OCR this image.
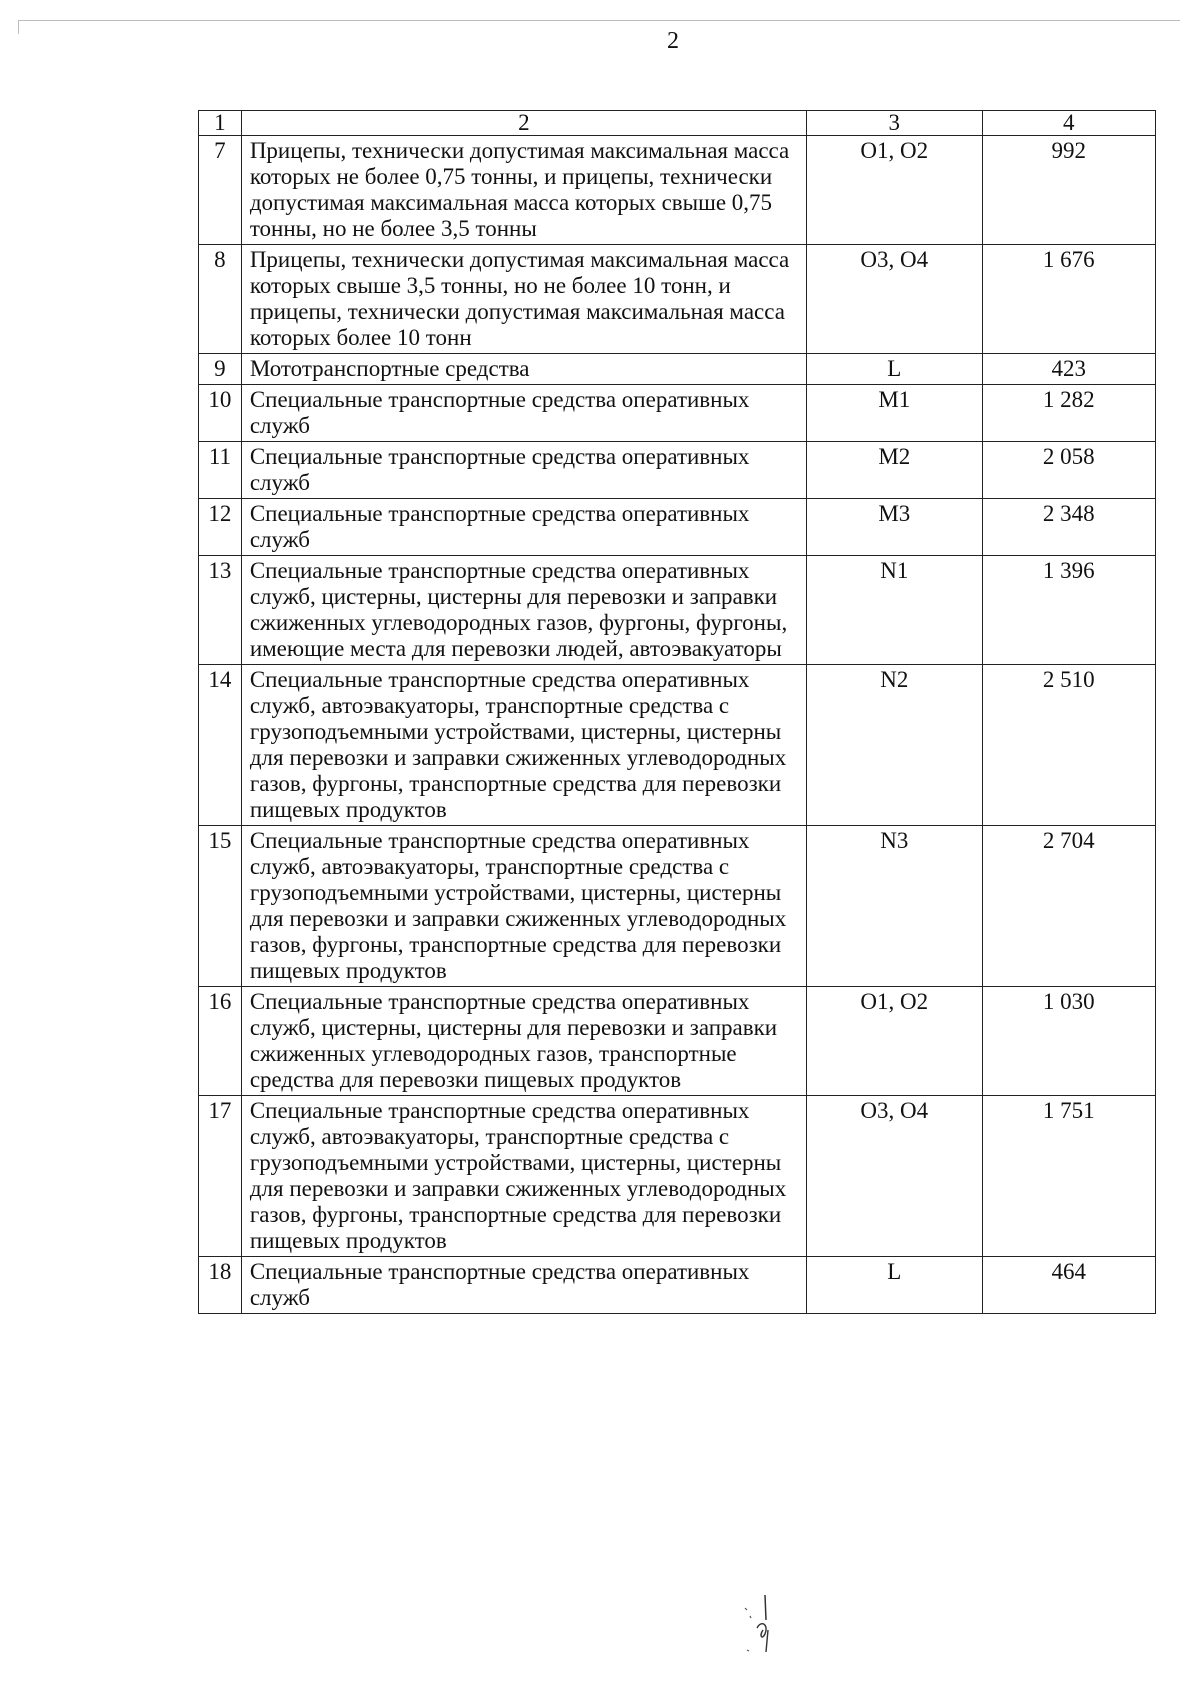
2
1	2	3	4
7	Прицепы, технически допустимая максимальная масса которых не более 0,75 тонны, и прицепы, технически допустимая максимальная масса которых свыше 0,75 тонны, но не более 3,5 тонны	O1, O2	992
8	Прицепы, технически допустимая максимальная масса которых свыше 3,5 тонны, но не более 10 тонн, и прицепы, технически допустимая максимальная масса которых более 10 тонн	O3, O4	1 676
9	Мототранспортные средства	L	423
10	Специальные транспортные средства оперативных служб	M1	1 282
11	Специальные транспортные средства оперативных служб	M2	2 058
12	Специальные транспортные средства оперативных служб	M3	2 348
13	Специальные транспортные средства оперативных служб, цистерны, цистерны для перевозки и заправки сжиженных углеводородных газов, фургоны, фургоны, имеющие места для перевозки людей, автоэвакуаторы	N1	1 396
14	Специальные транспортные средства оперативных служб, автоэвакуаторы, транспортные средства с грузоподъемными устройствами, цистерны, цистерны для перевозки и заправки сжиженных углеводородных газов, фургоны, транспортные средства для перевозки пищевых продуктов	N2	2 510
15	Специальные транспортные средства оперативных служб, автоэвакуаторы, транспортные средства с грузоподъемными устройствами, цистерны, цистерны для перевозки и заправки сжиженных углеводородных газов, фургоны, транспортные средства для перевозки пищевых продуктов	N3	2 704
16	Специальные транспортные средства оперативных служб, цистерны, цистерны для перевозки и заправки сжиженных углеводородных газов, транспортные средства для перевозки пищевых продуктов	O1, O2	1 030
17	Специальные транспортные средства оперативных служб, автоэвакуаторы, транспортные средства с грузоподъемными устройствами, цистерны, цистерны для перевозки и заправки сжиженных углеводородных газов, фургоны, транспортные средства для перевозки пищевых продуктов	O3, O4	1 751
18	Специальные транспортные средства оперативных служб	L	464
